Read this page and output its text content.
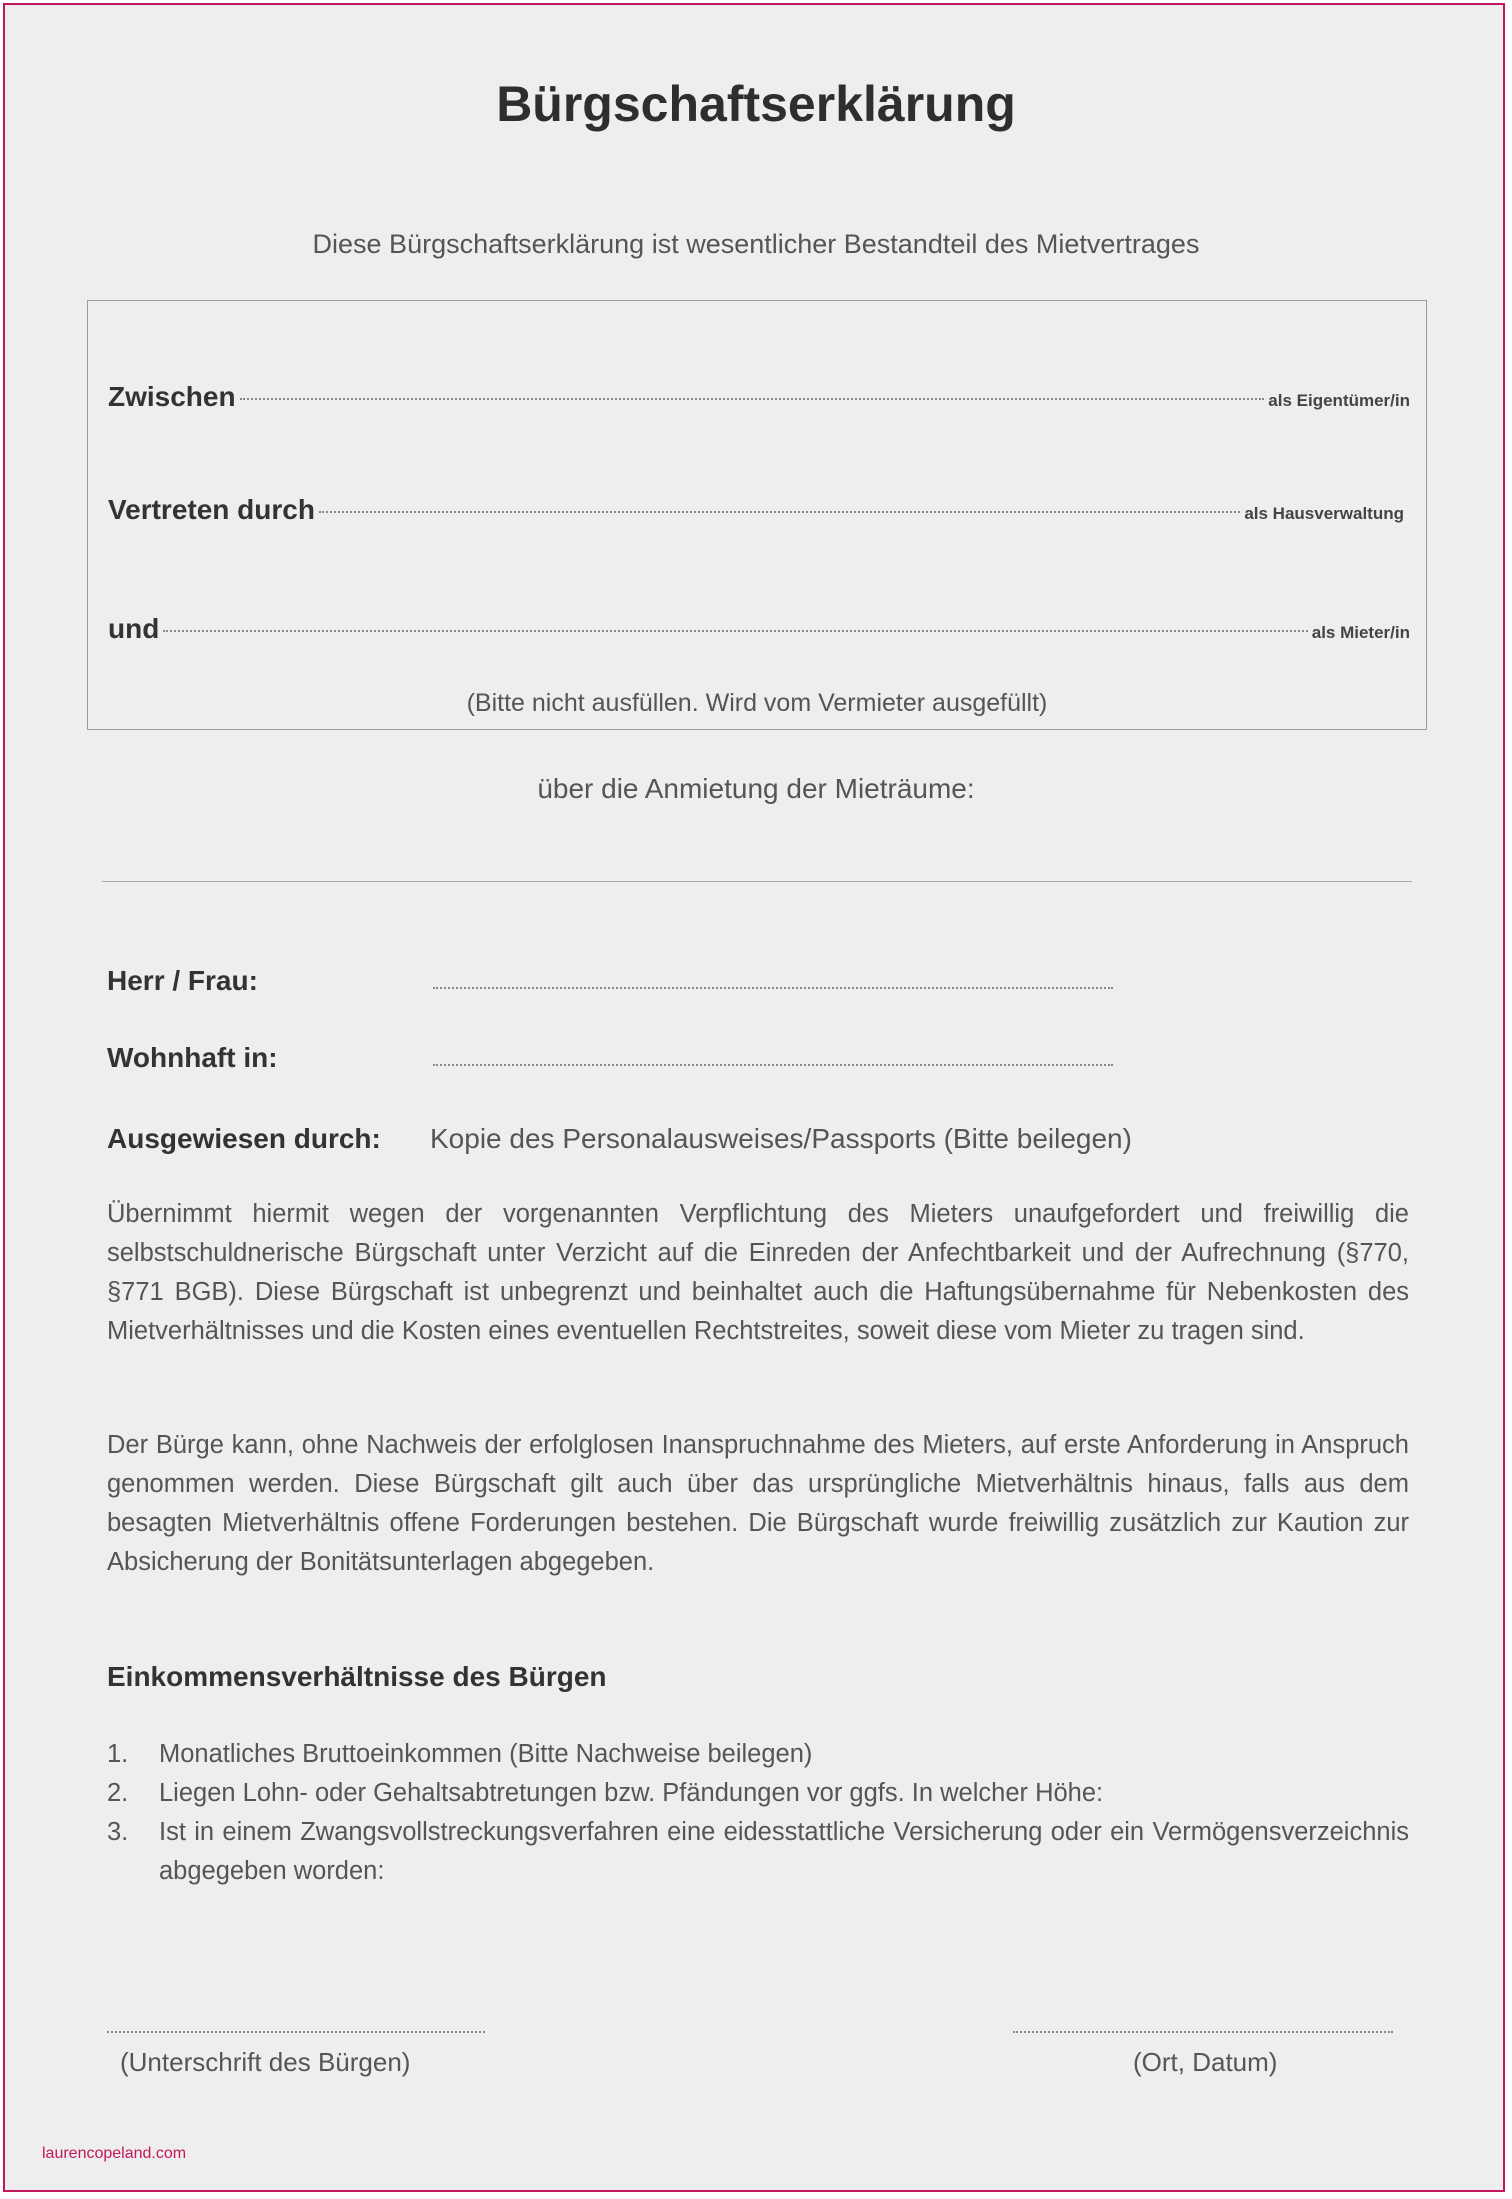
Bürgschaftserklärung
Diese Bürgschaftserklärung ist wesentlicher Bestandteil des Mietvertrages
Zwischen	als Eigentümer/in
Vertreten durch	als Hausverwaltung
und	als Mieter/in
(Bitte nicht ausfüllen. Wird vom Vermieter ausgefüllt)
über die Anmietung der Mieträume:
Herr / Frau:
Wohnhaft in:
Ausgewiesen durch: Kopie des Personalausweises/Passports (Bitte beilegen)
Übernimmt hiermit wegen der vorgenannten Verpflichtung des Mieters unaufgefordert und freiwillig die selbstschuldnerische Bürgschaft unter Verzicht auf die Einreden der Anfechtbarkeit und der Aufrechnung (§770, §771 BGB). Diese Bürgschaft ist unbegrenzt und beinhaltet auch die Haftungsübernahme für Nebenkosten des Mietverhältnisses und die Kosten eines eventuellen Rechtstreites, soweit diese vom Mieter zu tragen sind.
Der Bürge kann, ohne Nachweis der erfolglosen Inanspruchnahme des Mieters, auf erste Anforderung in Anspruch genommen werden. Diese Bürgschaft gilt auch über das ursprüngliche Mietverhältnis hinaus, falls aus dem besagten Mietverhältnis offene Forderungen bestehen. Die Bürgschaft wurde freiwillig zusätzlich zur Kaution zur Absicherung der Bonitätsunterlagen abgegeben.
Einkommensverhältnisse des Bürgen
1.	Monatliches Bruttoeinkommen (Bitte Nachweise beilegen)
2.	Liegen Lohn- oder Gehaltsabtretungen bzw. Pfändungen vor ggfs. In welcher Höhe:
3.	Ist in einem Zwangsvollstreckungsverfahren eine eidesstattliche Versicherung oder ein Vermögensverzeichnis abgegeben worden:
(Unterschrift des Bürgen)	(Ort, Datum)
laurencopeland.com
